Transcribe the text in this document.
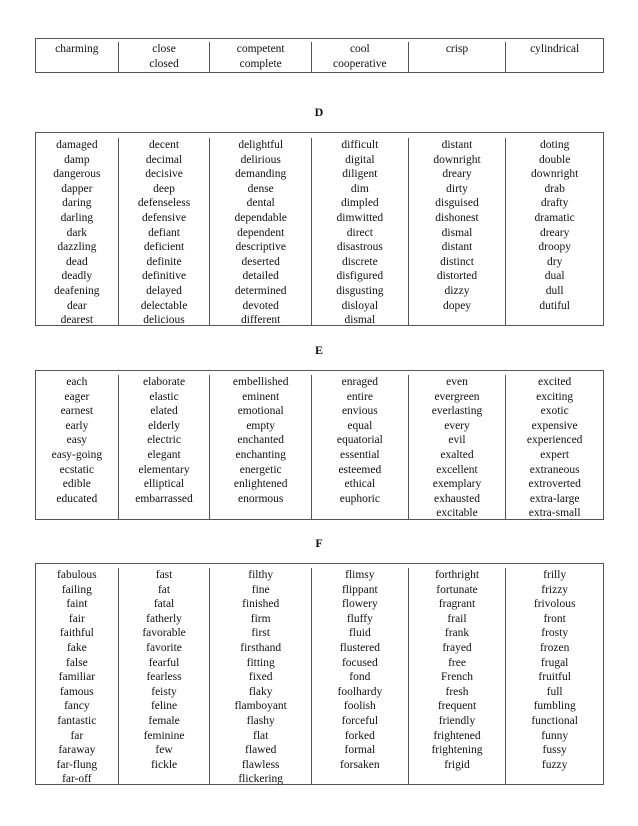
charming	close
closed
competent
complete
cool
cooperative
crisp	cylindrical
D
damaged
damp
dangerous
dapper
daring
darling
dark
dazzling
dead
deadly
deafening
dear
dearest
decent
decimal
decisive
deep
defenseless
defensive
defiant
deficient
definite
definitive
delayed
delectable
delicious
delightful
delirious
demanding
dense
dental
dependable
dependent
descriptive
deserted
detailed
determined
devoted
different
difficult
digital
diligent
dim
dimpled
dimwitted
direct
disastrous
discrete
disfigured
disgusting
disloyal
dismal
distant
downright
dreary
dirty
disguised
dishonest
dismal
distant
distinct
distorted
dizzy
dopey
doting
double
downright
drab
drafty
dramatic
dreary
droopy
dry
dual
dull
dutiful
E
each
eager
earnest
early
easy
easy-going
ecstatic
edible
educated
elaborate
elastic
elated
elderly
electric
elegant
elementary
elliptical
embarrassed
embellished
eminent
emotional
empty
enchanted
enchanting
energetic
enlightened
enormous
enraged
entire
envious
equal
equatorial
essential
esteemed
ethical
euphoric
even
evergreen
everlasting
every
evil
exalted
excellent
exemplary
exhausted
excitable
excited
exciting
exotic
expensive
experienced
expert
extraneous
extroverted
extra-large
extra-small
F
fabulous
failing
faint
fair
faithful
fake
false
familiar
famous
fancy
fantastic
far
faraway
far-flung
far-off
fast
fat
fatal
fatherly
favorable
favorite
fearful
fearless
feisty
feline
female
feminine
few
fickle
filthy
fine
finished
firm
first
firsthand
fitting
fixed
flaky
flamboyant
flashy
flat
flawed
flawless
flickering
flimsy
flippant
flowery
fluffy
fluid
flustered
focused
fond
foolhardy
foolish
forceful
forked
formal
forsaken
forthright
fortunate
fragrant
frail
frank
frayed
free
French
fresh
frequent
friendly
frightened
frightening
frigid
frilly
frizzy
frivolous
front
frosty
frozen
frugal
fruitful
full
fumbling
functional
funny
fussy
fuzzy
